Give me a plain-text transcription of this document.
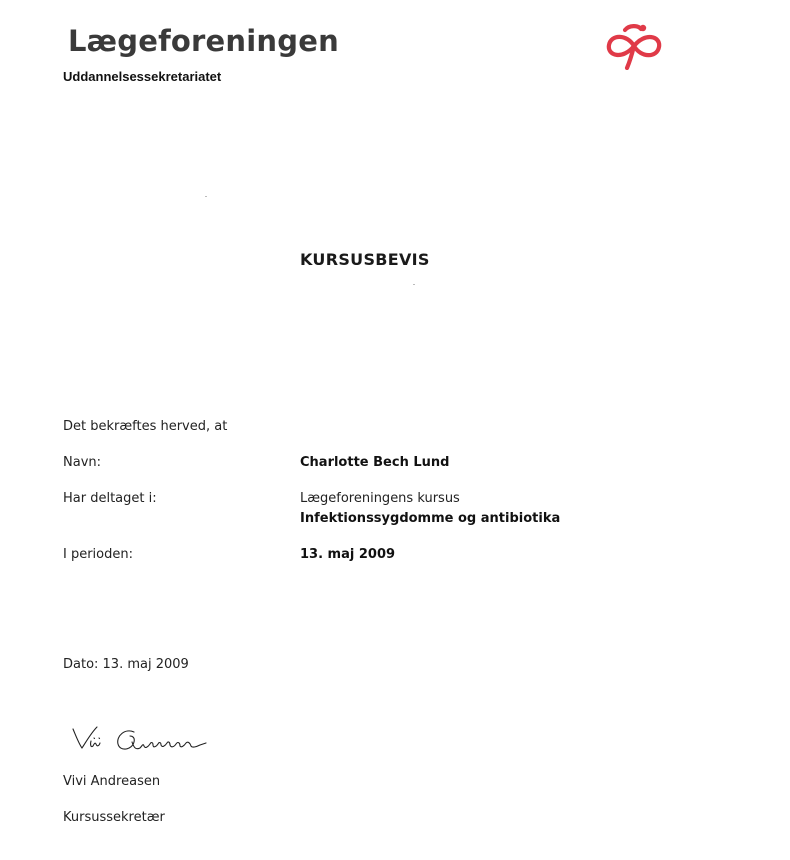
Lægeforeningen
Uddannelsessekretariatet
KURSUSBEVIS
Det bekræftes herved, at
Navn:	Charlotte Bech Lund
Har deltaget i:	Lægeforeningens kursus
Infektionssygdomme og antibiotika
I perioden:	13. maj 2009
Dato: 13. maj 2009
Vivi Andreasen
Kursussekretær
